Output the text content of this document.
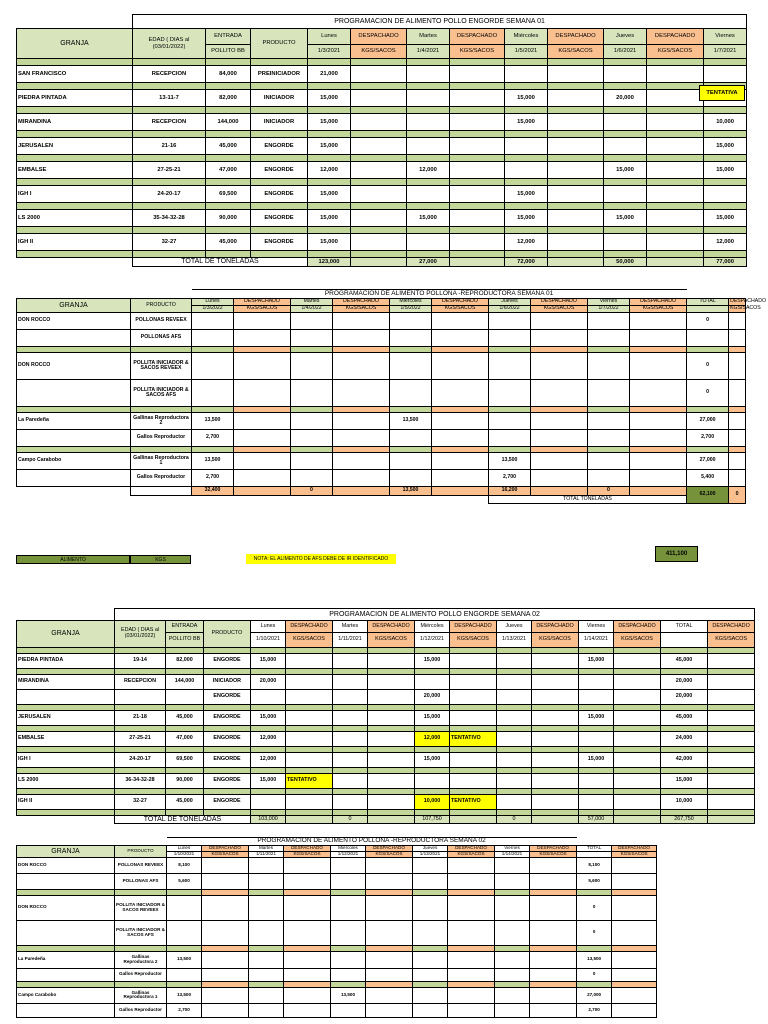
	PROGRAMACION DE ALIMENTO POLLO ENGORDE SEMANA 01											
GRANJA	EDAD ( DIAS al (03/01/2022)	ENTRADA	PRODUCTO	Lunes	DESPACHADO	Martes	DESPACHADO	Miércoles	DESPACHADO	Jueves	DESPACHADO	Viernes
		POLLITO BB		1/3/2021	KGS/SACOS	1/4/2021	KGS/SACOS	1/5/2021	KGS/SACOS	1/6/2021	KGS/SACOS	1/7/2021

SAN FRANCISCO	RECEPCION	84,000	PREINICIADOR	21,000								

PIEDRA PINTADA	13-11-7	82,000	INICIADOR	15,000				15,000		20,000		

MIRANDINA	RECEPCION	144,000	INICIADOR	15,000				15,000				10,000

JERUSALEN	21-16	45,000	ENGORDE	15,000								15,000

EMBALSE	27-25-21	47,000	ENGORDE	12,000		12,000				15,000		15,000

IGH I	24-20-17	69,500	ENGORDE	15,000				15,000				

LS 2000	35-34-32-28	90,000	ENGORDE	15,000		15,000		15,000		15,000		15,000

IGH II	32-27	45,000	ENGORDE	15,000				12,000				12,000

	TOTAL DE TONELADAS			123,000		27,000		72,000		50,000		77,000
		PROGRAMACION DE ALIMENTO POLLONA -REPRODUCTORA SEMANA 01											
GRANJA	PRODUCTO	Lunes	DESPACHADO	Martes	DESPACHADO	Miércoles	DESPACHADO	Jueves	DESPACHADO	Viernes	DESPACHADO	TOTAL	DESPACHADO
		1/3/2022	KGS/SACOS	1/4/2022	KGS/SACOS	1/5/2022	KGS/SACOS	1/6/2022	KGS/SACOS	1/7/2022	KGS/SACOS		KGS/SACOS
DON ROCCO	POLLONAS REVEEX											0	
	POLLONAS AFS												

DON ROCCO	POLLITA INICIADOR & SACOS REVEEX											0	
	POLLITA INICIADOR & SACOS AFS											0	

La Paredeña	Gallinas Reproductora 2	13,500				13,500						27,000	
	Gallos Reproductor	2,700										2,700	

Campo Carabobo	Gallinas Reproductora 1	13,500						13,500				27,000	
	Gallos Reproductor	2,700						2,700				5,400	
		32,400		0		13,500		16,200		0		62,100	0
								TOTAL TONELADAS					
ALIMENTO	KGS	NOTA: EL ALIMENTO DE AFS DEBE DE IR IDENTIFICADO
411,100
	PROGRAMACION DE ALIMENTO POLLO ENGORDE SEMANA 02														
GRANJA	EDAD ( DIAS al (03/01/2022)	ENTRADA	PRODUCTO	Lunes	DESPACHADO	Martes	DESPACHADO	Miércoles	DESPACHADO	Jueves	DESPACHADO	Viernes	DESPACHADO	TOTAL	DESPACHADO
		POLLITO BB		1/10/2021	KGS/SACOS	1/11/2021	KGS/SACOS	1/12/2021	KGS/SACOS	1/13/2021	KGS/SACOS	1/14/2021	KGS/SACOS		KGS/SACOS

PIEDRA PINTADA	19-14	82,000	ENGORDE	15,000				15,000				15,000		45,000	

MIRANDINA	RECEPCION	144,000	INICIADOR	20,000										20,000	
			ENGORDE					20,000						20,000	

JERUSALEN	21-18	45,000	ENGORDE	15,000				15,000				15,000		45,000	

EMBALSE	27-25-21	47,000	ENGORDE	12,000				12,000	TENTATIVO					24,000	

IGH I	24-20-17	69,500	ENGORDE	12,000				15,000				15,000		42,000	

LS 2000	36-34-32-28	90,000	ENGORDE	15,000	TENTATIVO									15,000	

IGH II	32-27	45,000	ENGORDE					10,000	TENTATIVO					10,000	

	TOTAL DE TONELADAS			103,000		0		107,750		0		57,000		267,750	
		PROGRAMACION DE ALIMENTO POLLONA -REPRODUCTORA SEMANA 02											
GRANJA	PRODUCTO	Lunes	DESPACHADO	Martes	DESPACHADO	Miércoles	DESPACHADO	Jueves	DESPACHADO	Viernes	DESPACHADO	TOTAL	DESPACHADO
		1/10/2021	KGS/SACOS	1/11/2021	KGS/SACOS	1/12/2021	KGS/SACOS	1/13/2021	KGS/SACOS	1/14/2021	KGS/SACOS		KGS/SACOS
DON ROCCO	POLLONAS REVEEX	8,100										8,100	
	POLLONAS AFS	5,600										5,600	

DON ROCCO	POLLITA INICIADOR & SACOS REVEEX											0	
	POLLITA INICIADOR & SACOS AFS											0	

La Paredeña	Gallinas Reproductora 2	13,500										13,500	
	Gallos Reproductor											0	

Campo Carabobo	Gallinas Reproductora 1	13,500				13,500						27,000	
	Gallos Reproductor	2,700										2,700	
TENTATIVA
